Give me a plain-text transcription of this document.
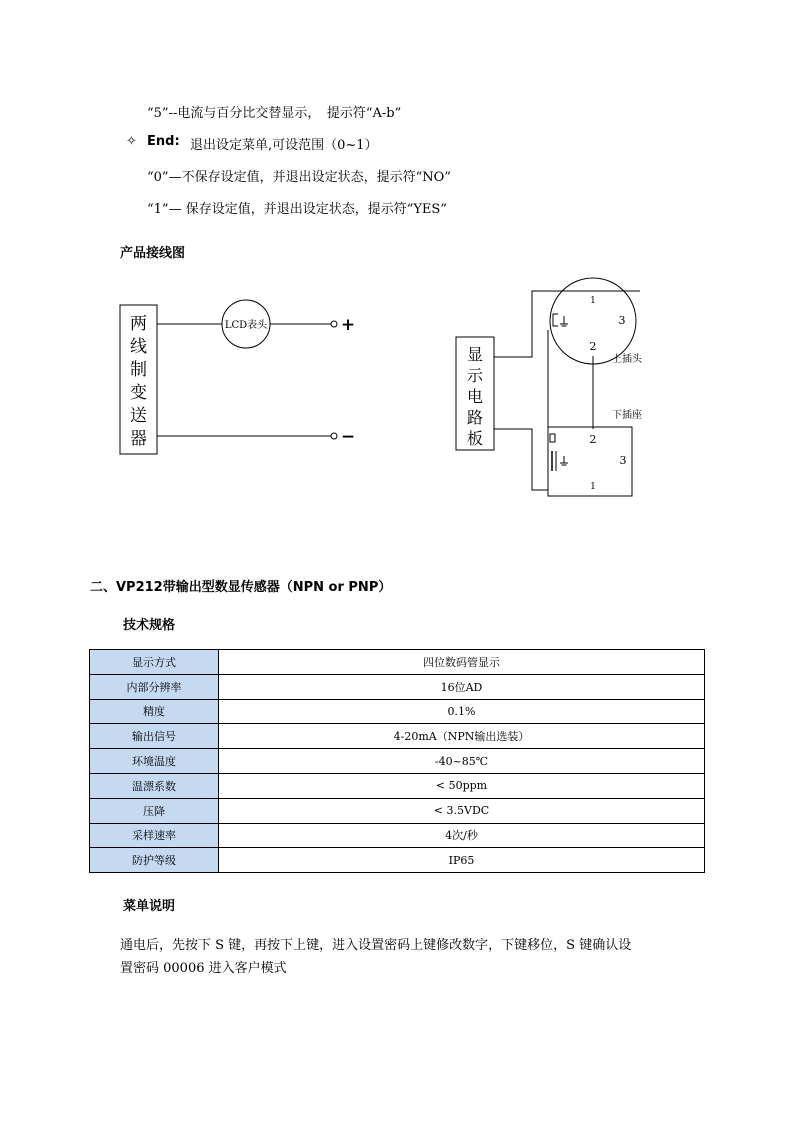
“5”--电流与百分比交替显示，　提示符“A-b”
✧ End: 退出设定菜单,可设范围（0~1）
“0”—不保存设定值，并退出设定状态，提示符“NO”
“1”— 保存设定值，并退出设定状态，提示符“YES”
产品接线图
两
线
制
变
送
器
LCD表头	+
−
显
示
电
路
板
1
3
2
上插头
下插座
2
3
1
二、VP212带输出型数显传感器（NPN or PNP）
技术规格
显示方式	四位数码管显示
内部分辨率	16位AD
精度	0.1%
输出信号	4-20mA（NPN输出选装）
环境温度	-40~85℃
温漂系数	< 50ppm
压降	< 3.5VDC
采样速率	4次/秒
防护等级	IP65
菜单说明
通电后，先按下 S 键，再按下上键，进入设置密码上键修改数字，下键移位，S 键确认设
置密码 00006 进入客户模式
